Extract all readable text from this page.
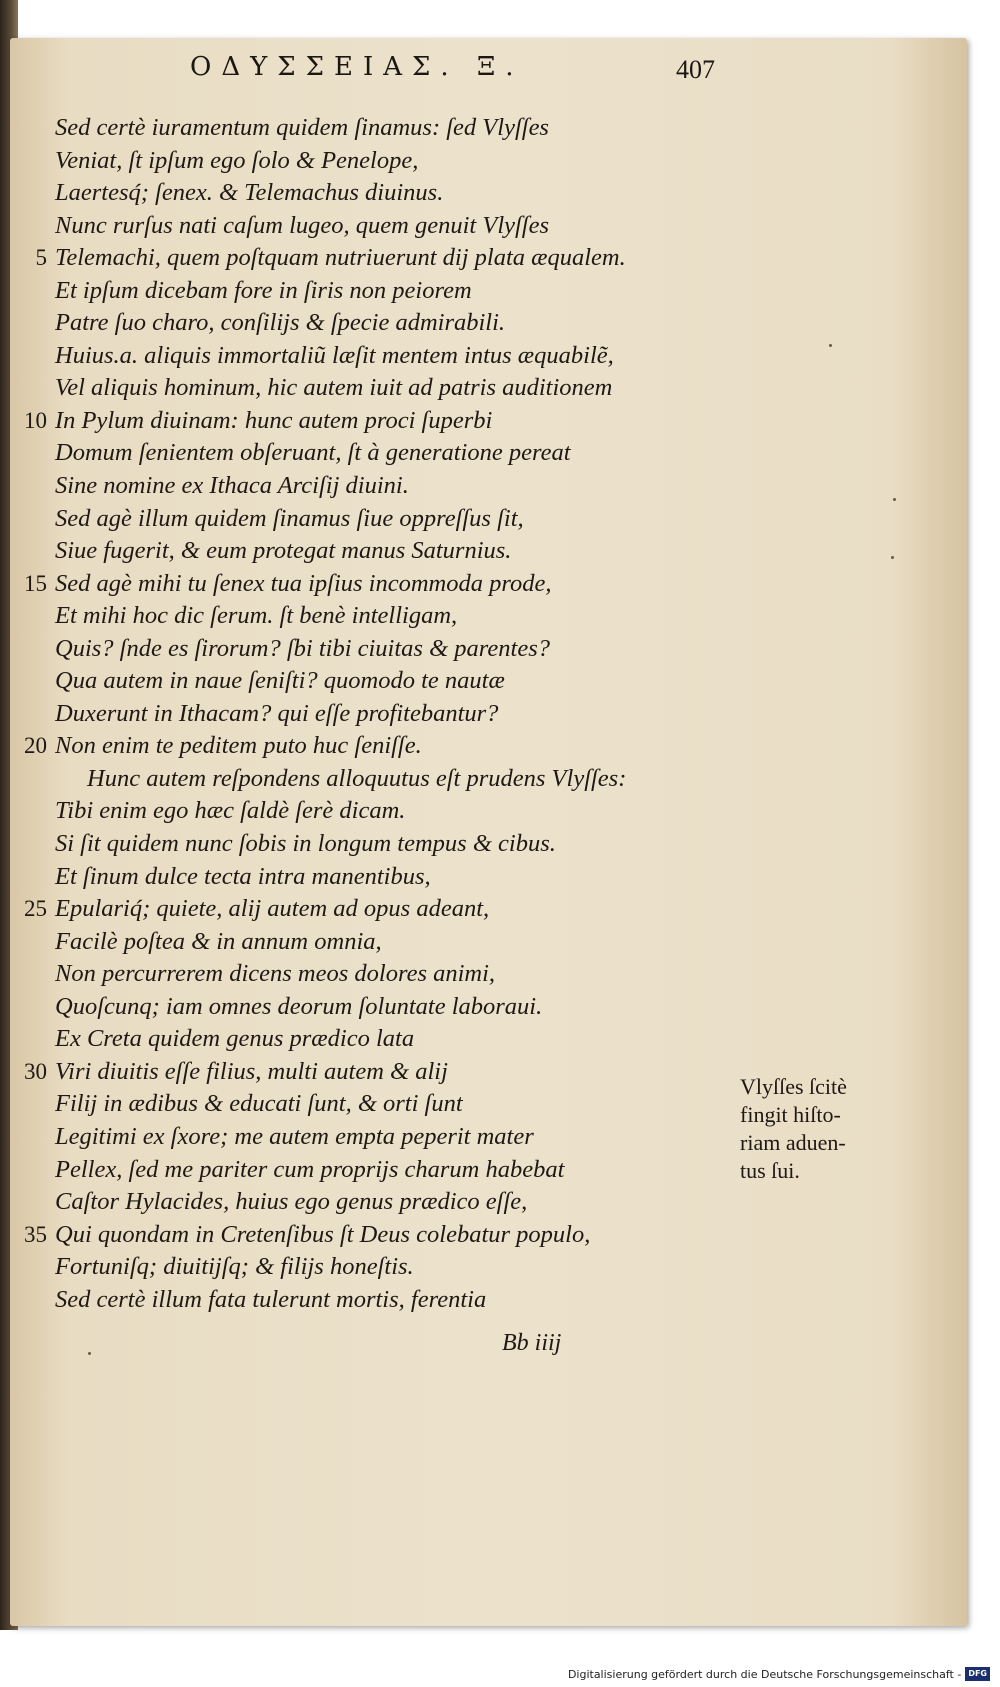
ΟΔΥΣΣΕΙΑΣ. Ξ.	407
Sed certè iuramentum quidem ſinamus: ſed Vlyſſes
Veniat, ſt ipſum ego ſolo & Penelope,
Laertesq́; ſenex. & Telemachus diuinus.
Nunc rurſus nati caſum lugeo, quem genuit Vlyſſes
5 Telemachi, quem poſtquam nutriuerunt dij plata æqualem.
Et ipſum dicebam fore in ſiris non peiorem
Patre ſuo charo, conſilijs & ſpecie admirabili.
Huius.a. aliquis immortaliũ læſit mentem intus æquabilẽ,
Vel aliquis hominum, hic autem iuit ad patris auditionem
10 In Pylum diuinam: hunc autem proci ſuperbi
Domum ſenientem obſeruant, ſt à generatione pereat
Sine nomine ex Ithaca Arciſij diuini.
Sed agè illum quidem ſinamus ſiue oppreſſus ſit,
Siue fugerit, & eum protegat manus Saturnius.
15 Sed agè mihi tu ſenex tua ipſius incommoda prode,
Et mihi hoc dic ſerum. ſt benè intelligam,
Quis? ſnde es ſirorum? ſbi tibi ciuitas & parentes?
Qua autem in naue ſeniſti? quomodo te nautæ
Duxerunt in Ithacam? qui eſſe profitebantur?
20 Non enim te peditem puto huc ſeniſſe.
Hunc autem reſpondens alloquutus eſt prudens Vlyſſes:
Tibi enim ego hæc ſaldè ſerè dicam.
Si ſit quidem nunc ſobis in longum tempus & cibus.
Et ſinum dulce tecta intra manentibus,
25 Epulariq́; quiete, alij autem ad opus adeant,
Facilè poſtea & in annum omnia,
Non percurrerem dicens meos dolores animi,
Quoſcunq; iam omnes deorum ſoluntate laboraui.
Ex Creta quidem genus prædico lata
30 Viri diuitis eſſe filius, multi autem & alij
Filij in ædibus & educati ſunt, & orti ſunt
Legitimi ex ſxore; me autem empta peperit mater
Pellex, ſed me pariter cum proprijs charum habebat
Caſtor Hylacides, huius ego genus prædico eſſe,
35 Qui quondam in Cretenſibus ſt Deus colebatur populo,
Fortuniſq; diuitijſq; & filijs honeſtis.
Sed certè illum fata tulerunt mortis, ferentia
Vlyſſes ſcitè
fingit hiſto-
riam aduen-
tus ſui.
Bb iiij
Digitalisierung gefördert durch die Deutsche Forschungsgemeinschaft - DFG
